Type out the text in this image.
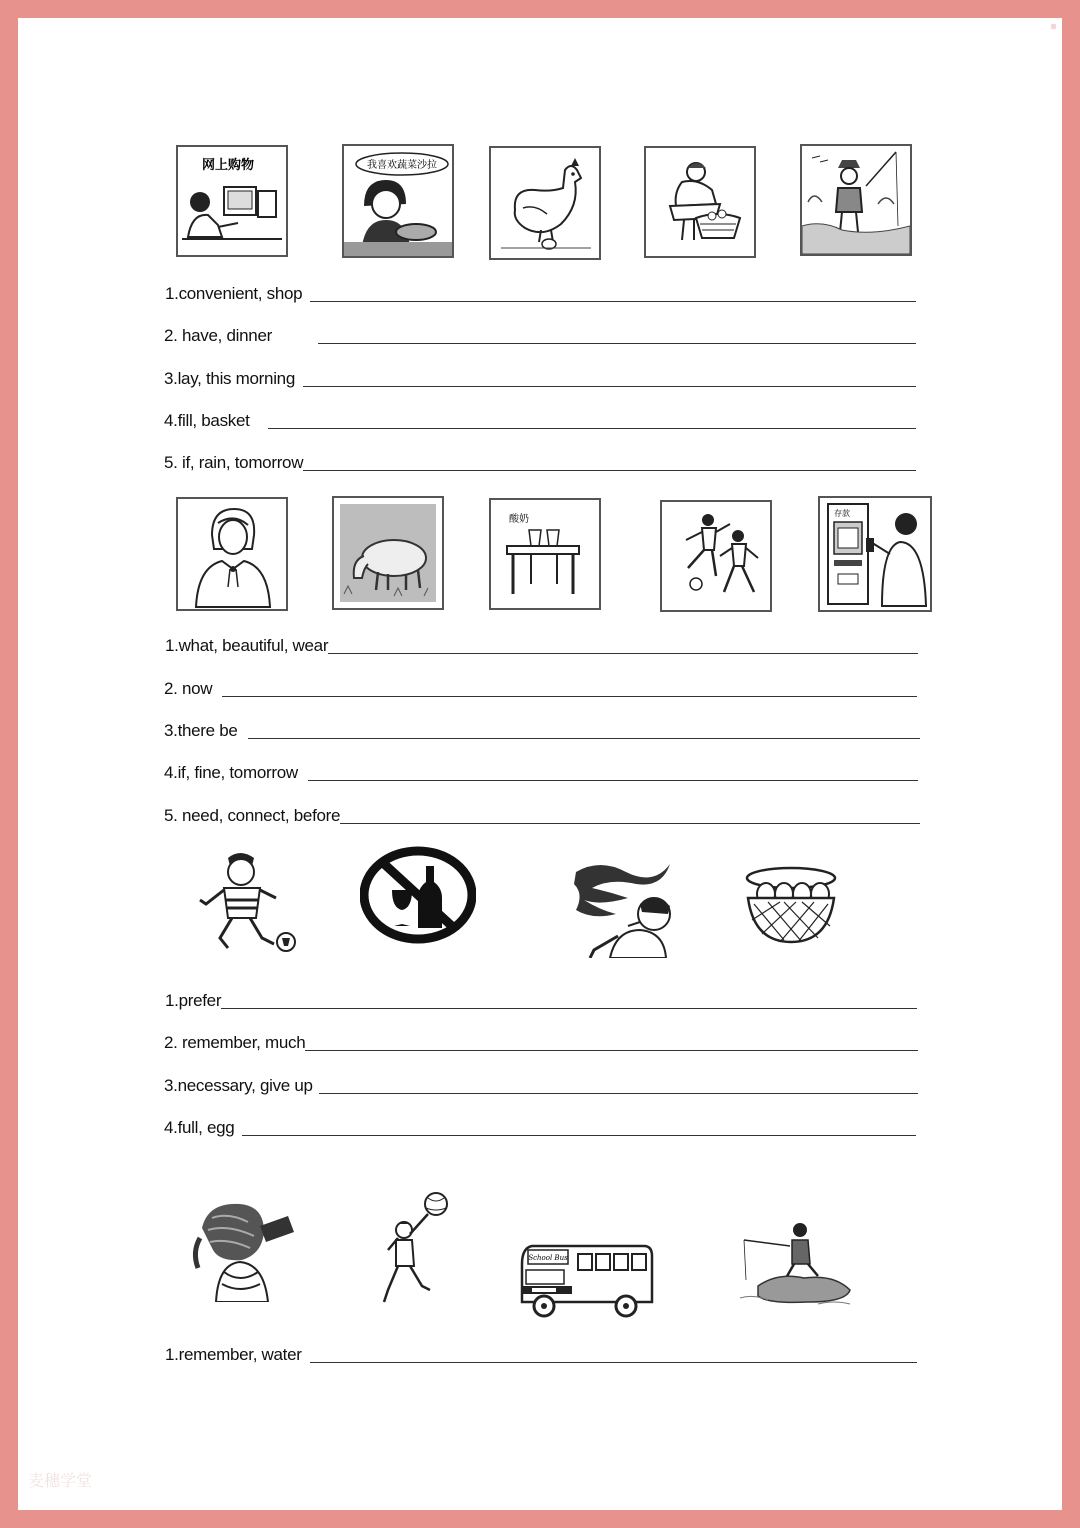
网上购物	我喜欢蔬菜沙拉
1.convenient, shop
2. have, dinner
3.lay, this morning
4.fill, basket
5. if, rain, tomorrow
酸奶
存款
1.what, beautiful, wear
2. now
3.there be
4.if, fine, tomorrow
5. need, connect, before
1.prefer
2. remember, much
3.necessary, give up
4.full, egg
School Bus
1.remember, water
麦穗学堂
